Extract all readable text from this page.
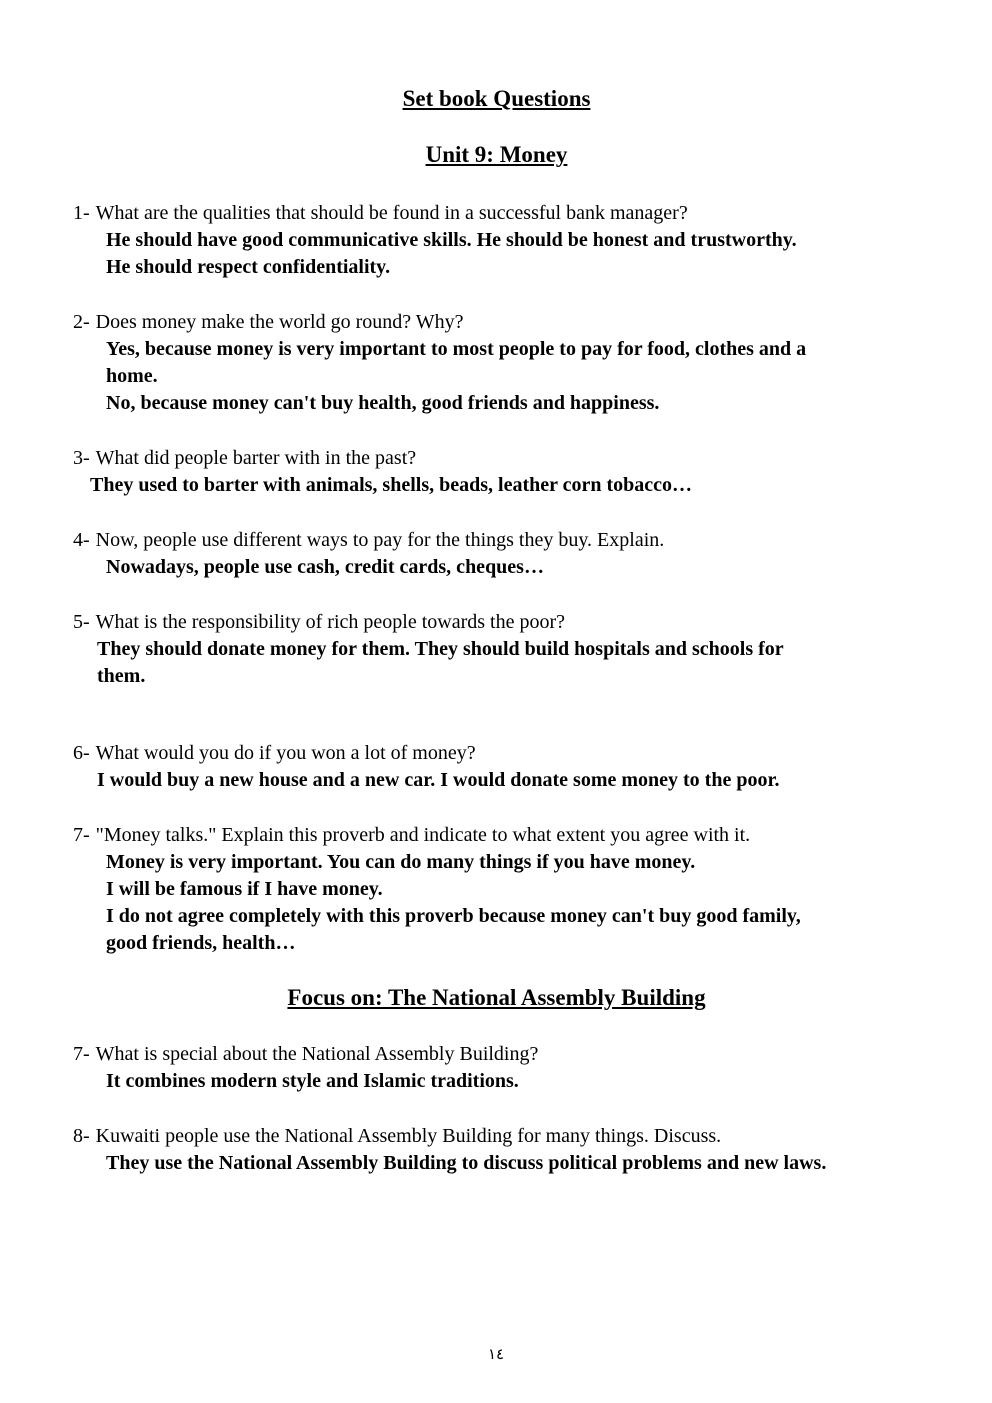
Set book Questions
Unit 9: Money
1- What are the qualities that should be found in a successful bank manager?
He should have good communicative skills. He should be honest and trustworthy.
He should respect confidentiality.
2- Does money make the world go round? Why?
Yes, because money is very important to most people to pay for food, clothes and a
home.
No, because money can't buy health, good friends and happiness.
3- What did people barter with in the past?
They used to barter with animals, shells, beads, leather corn tobacco…
4- Now, people use different ways to pay for the things they buy. Explain.
Nowadays, people use cash, credit cards, cheques…
5- What is the responsibility of rich people towards the poor?
They should donate money for them. They should build hospitals and schools for
them.
6- What would you do if you won a lot of money?
I would buy a new house and a new car. I would donate some money to the poor.
7- "Money talks." Explain this proverb and indicate to what extent you agree with it.
Money is very important. You can do many things if you have money.
I will be famous if I have money.
I do not agree completely with this proverb because money can't buy good family,
good friends, health…
Focus on: The National Assembly Building
7- What is special about the National Assembly Building?
It combines modern style and Islamic traditions.
8- Kuwaiti people use the National Assembly Building for many things. Discuss.
They use the National Assembly Building to discuss political problems and new laws.
١٤
